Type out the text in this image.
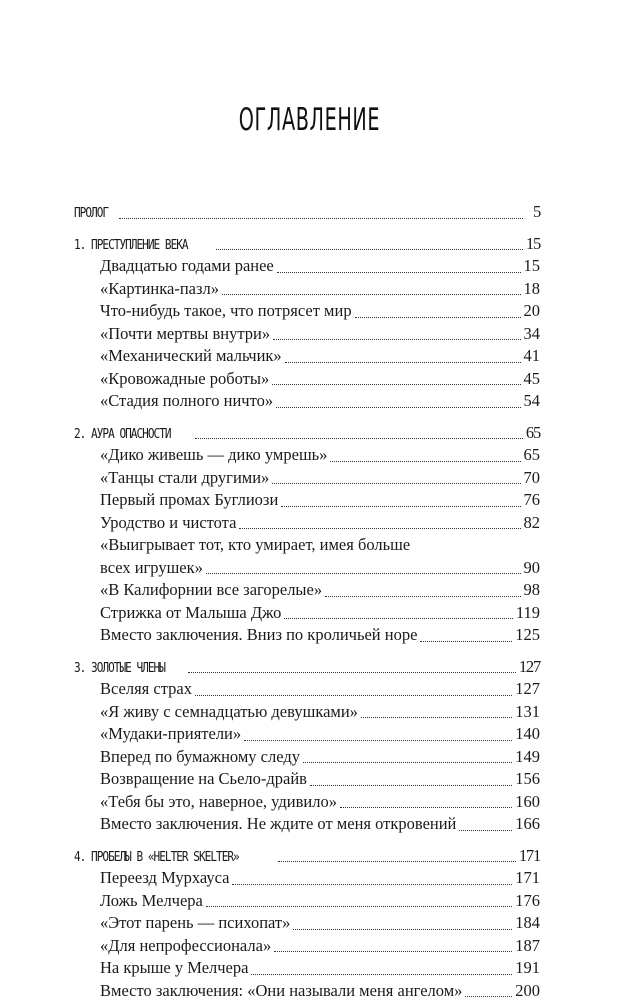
ОГЛАВЛЕНИЕ
ПРОЛОГ	5
1. ПРЕСТУПЛЕНИЕ ВЕКА	15
Двадцатью годами ранее	15
«Картинка-пазл»	18
Что-нибудь такое, что потрясет мир	20
«Почти мертвы внутри»	34
«Механический мальчик»	41
«Кровожадные роботы»	45
«Стадия полного ничто»	54
2. АУРА ОПАСНОСТИ	65
«Дико живешь — дико умрешь»	65
«Танцы стали другими»	70
Первый промах Буглиози	76
Уродство и чистота	82
«Выигрывает тот, кто умирает, имея больше
всех игрушек»	90
«В Калифорнии все загорелые»	98
Стрижка от Малыша Джо	119
Вместо заключения. Вниз по кроличьей норе	125
3. ЗОЛОТЫЕ ЧЛЕНЫ	127
Вселяя страх	127
«Я живу с семнадцатью девушками»	131
«Мудаки-приятели»	140
Вперед по бумажному следу	149
Возвращение на Сьело-драйв	156
«Тебя бы это, наверное, удивило»	160
Вместо заключения. Не ждите от меня откровений	166
4. ПРОБЕЛЫ В «HELTER SKELTER»	171
Переезд Мурхауса	171
Ложь Мелчера	176
«Этот парень — психопат»	184
«Для непрофессионала»	187
На крыше у Мелчера	191
Вместо заключения: «Они называли меня ангелом»	200
